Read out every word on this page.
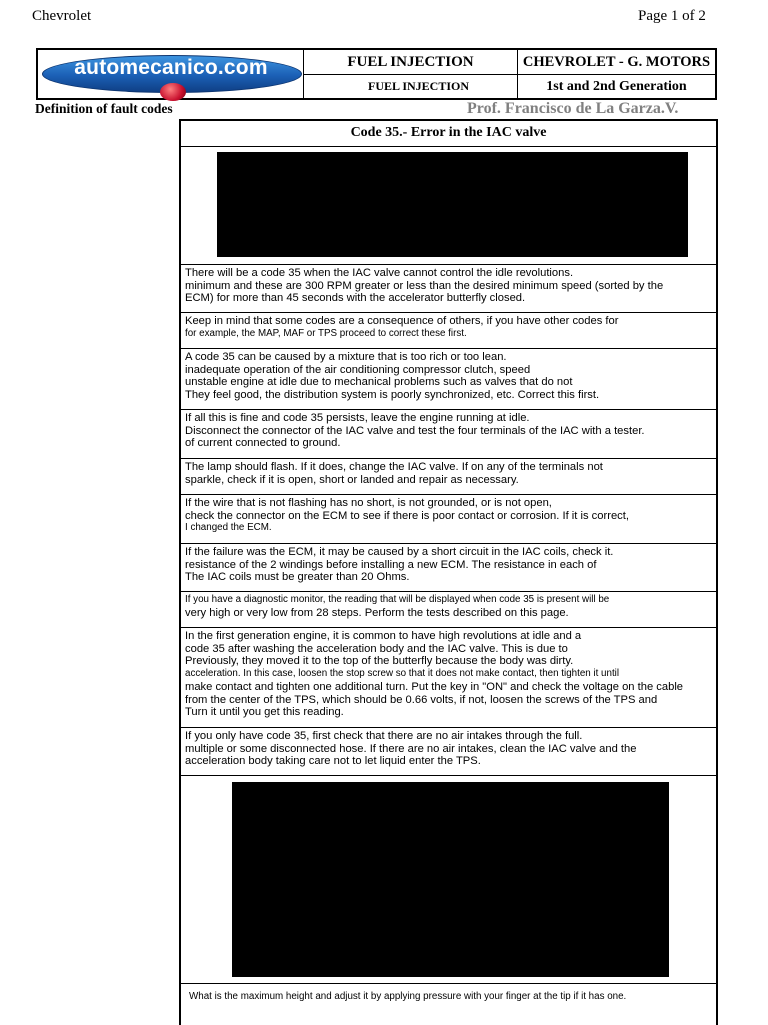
Chevrolet	Page 1 of 2
automecanico.com	FUEL INJECTION	CHEVROLET - G. MOTORS
FUEL INJECTION	1st and 2nd Generation
Definition of fault codes	Prof. Francisco de La Garza.V.
Code 35.- Error in the IAC valve
There will be a code 35 when the IAC valve cannot control the idle revolutions.
minimum and these are 300 RPM greater or less than the desired minimum speed (sorted by the
ECM) for more than 45 seconds with the accelerator butterfly closed.
Keep in mind that some codes are a consequence of others, if you have other codes for
for example, the MAP, MAF or TPS proceed to correct these first.
A code 35 can be caused by a mixture that is too rich or too lean.
inadequate operation of the air conditioning compressor clutch, speed
unstable engine at idle due to mechanical problems such as valves that do not
They feel good, the distribution system is poorly synchronized, etc. Correct this first.
If all this is fine and code 35 persists, leave the engine running at idle.
Disconnect the connector of the IAC valve and test the four terminals of the IAC with a tester.
of current connected to ground.
The lamp should flash. If it does, change the IAC valve. If on any of the terminals not
sparkle, check if it is open, short or landed and repair as necessary.
If the wire that is not flashing has no short, is not grounded, or is not open,
check the connector on the ECM to see if there is poor contact or corrosion. If it is correct,
I changed the ECM.
If the failure was the ECM, it may be caused by a short circuit in the IAC coils, check it.
resistance of the 2 windings before installing a new ECM. The resistance in each of
The IAC coils must be greater than 20 Ohms.
If you have a diagnostic monitor, the reading that will be displayed when code 35 is present will be
very high or very low from 28 steps. Perform the tests described on this page.
In the first generation engine, it is common to have high revolutions at idle and a
code 35 after washing the acceleration body and the IAC valve. This is due to
Previously, they moved it to the top of the butterfly because the body was dirty.
acceleration. In this case, loosen the stop screw so that it does not make contact, then tighten it until
make contact and tighten one additional turn. Put the key in "ON" and check the voltage on the cable
from the center of the TPS, which should be 0.66 volts, if not, loosen the screws of the TPS and
Turn it until you get this reading.
If you only have code 35, first check that there are no air intakes through the full.
multiple or some disconnected hose. If there are no air intakes, clean the IAC valve and the
acceleration body taking care not to let liquid enter the TPS.
What is the maximum height and adjust it by applying pressure with your finger at the tip if it has one.
